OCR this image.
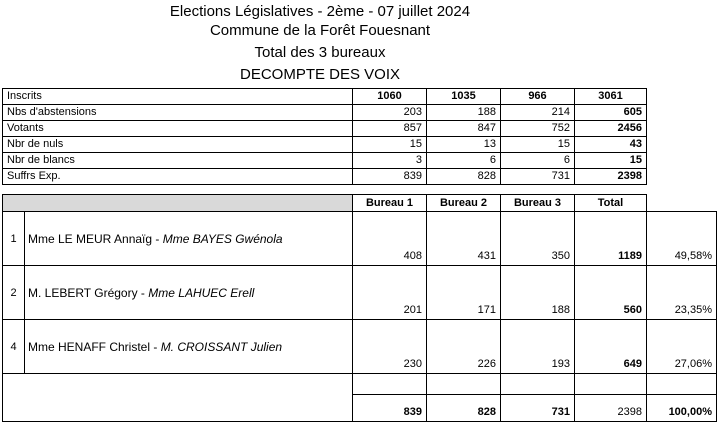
Elections Législatives - 2ème - 07 juillet 2024
Commune de la Forêt Fouesnant
Total des 3 bureaux
DECOMPTE DES VOIX
Inscrits	1060	1035	966	3061
Nbs d'abstensions	203	188	214	605
Votants	857	847	752	2456
Nbr de nuls	15	13	15	43
Nbr de blancs	3	6	6	15
Suffrs Exp.	839	828	731	2398
		Bureau 1	Bureau 2	Bureau 3	Total	
1	Mme LE MEUR Annaïg - Mme BAYES Gwénola	408	431	350	1189	49,58%
2	M. LEBERT Grégory - Mme LAHUEC Erell	201	171	188	560	23,35%
4	Mme HENAFF Christel - M. CROISSANT Julien	230	226	193	649	27,06%

		839	828	731	2398	100,00%
